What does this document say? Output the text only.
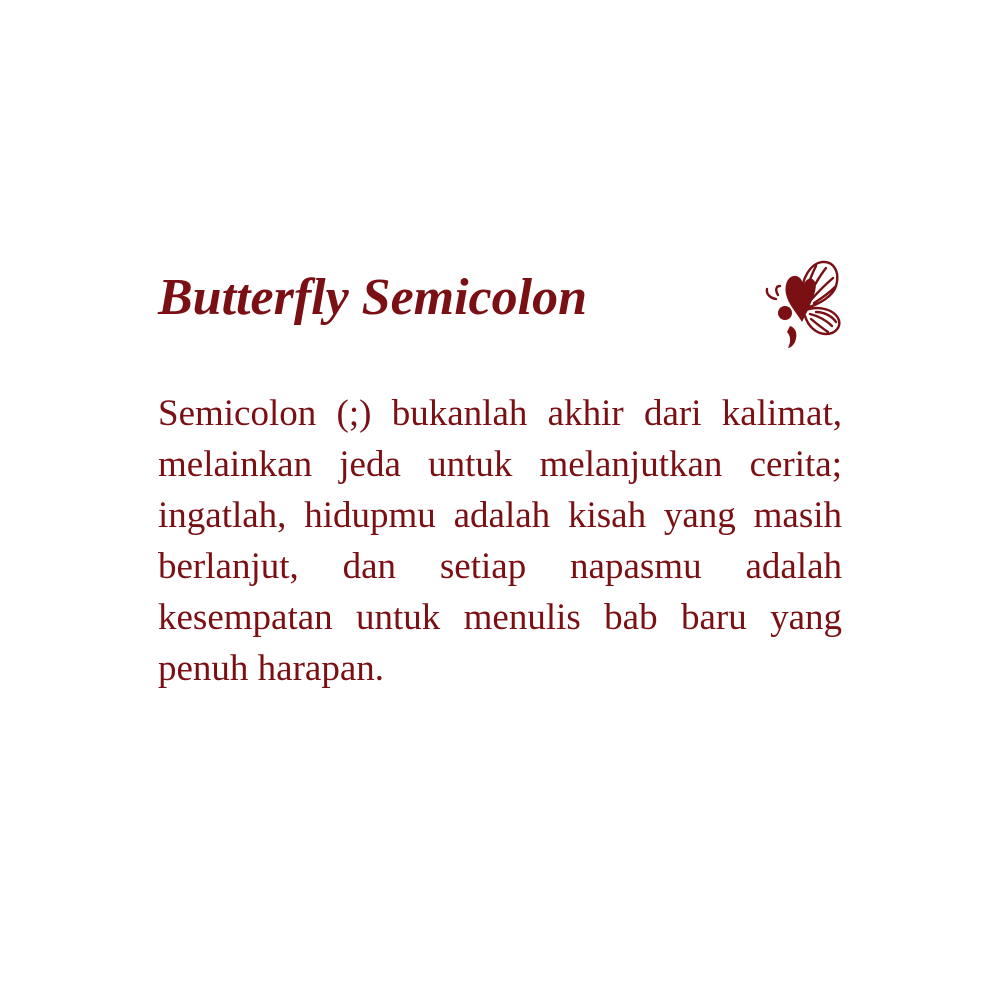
Butterfly Semicolon

Semicolon (;) bukanlah akhir dari kalimat, melainkan jeda untuk melanjutkan cerita; ingatlah, hidupmu adalah kisah yang masih berlanjut, dan setiap napasmu adalah kesempatan untuk menulis bab baru yang penuh harapan.
